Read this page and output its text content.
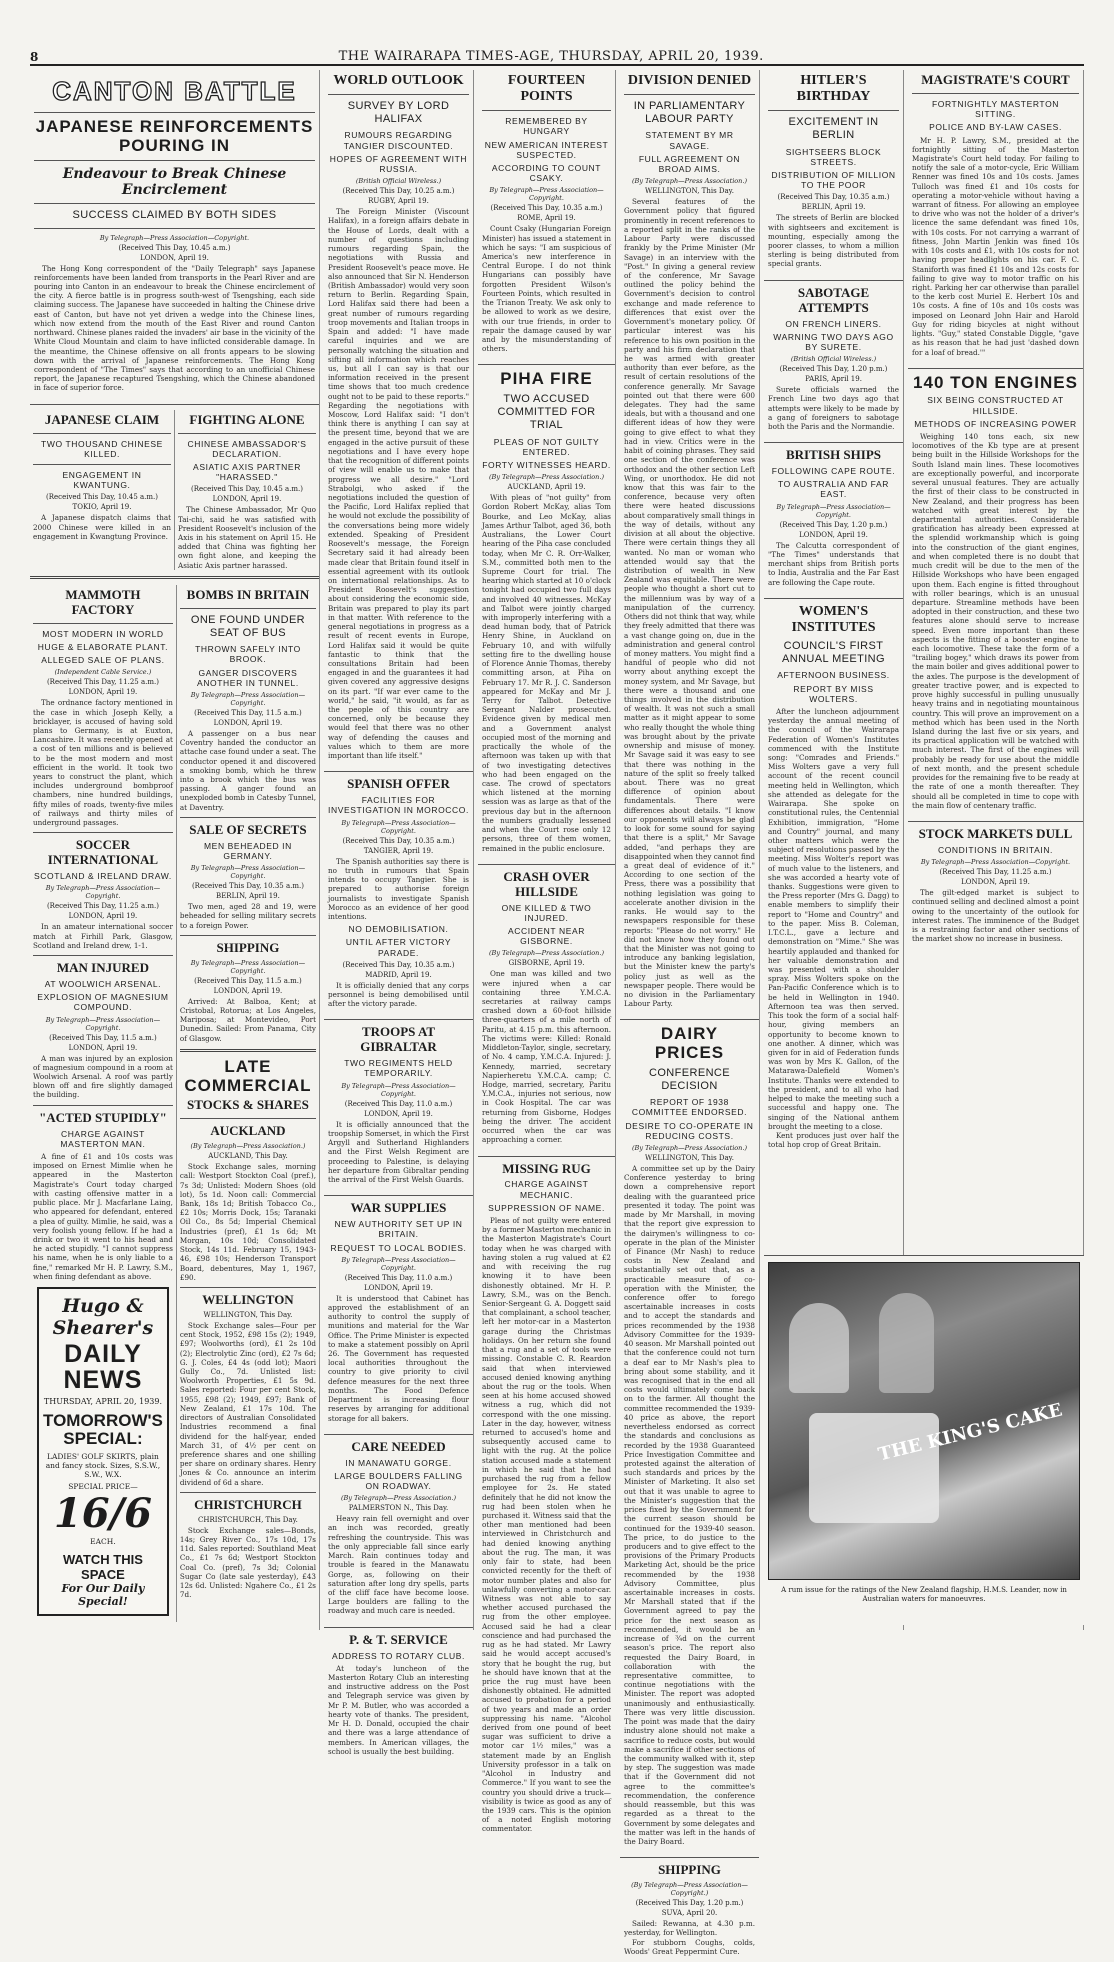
8	THE WAIRARAPA TIMES-AGE, THURSDAY, APRIL 20, 1939.
CANTON BATTLE
JAPANESE REINFORCEMENTS POURING IN
Endeavour to Break Chinese Encirclement
SUCCESS CLAIMED BY BOTH SIDES
By Telegraph—Press Association—Copyright.
(Received This Day, 10.45 a.m.)
LONDON, April 19.

The Hong Kong correspondent of the "Daily Telegraph" says Japanese reinforcements have been landed from transports in the Pearl River and are pouring into Canton in an endeavour to break the Chinese encirclement of the city. A fierce battle is in progress south-west of Tsengshing, each side claiming success. The Japanese have succeeded in halting the Chinese drive east of Canton, but have not yet driven a wedge into the Chinese lines, which now extend from the mouth of the East River and round Canton northward. Chinese planes raided the invaders' air base in the vicinity of the White Cloud Mountain and claim to have inflicted considerable damage. In the meantime, the Chinese offensive on all fronts appears to be slowing down with the arrival of Japanese reinforcements. The Hong Kong correspondent of "The Times" says that according to an unofficial Chinese report, the Japanese recaptured Tsengshing, which the Chinese abandoned in face of superior force.

JAPANESE CLAIM
TWO THOUSAND CHINESE KILLED.
ENGAGEMENT IN KWANTUNG.
(Received This Day, 10.45 a.m.)
TOKIO, April 19.

A Japanese dispatch claims that 2000 Chinese were killed in an engagement in Kwangtung Province.

FIGHTING ALONE
CHINESE AMBASSADOR'S DECLARATION.
ASIATIC AXIS PARTNER "HARASSED."
(Received This Day, 10.45 a.m.)
LONDON, April 19.

The Chinese Ambassador, Mr Quo Tai-chi, said he was satisfied with President Roosevelt's inclusion of the Axis in his statement on April 15. He added that China was fighting her own fight alone, and keeping the Asiatic Axis partner harassed.

MAMMOTH FACTORY
MOST MODERN IN WORLD
HUGE & ELABORATE PLANT.
ALLEGED SALE OF PLANS.
(Independent Cable Service.)
(Received This Day, 11.25 a.m.)
LONDON, April 19.

The ordnance factory mentioned in the case in which Joseph Kelly, a bricklayer, is accused of having sold plans to Germany, is at Euxton, Lancashire. It was recently opened at a cost of ten millions and is believed to be the most modern and most efficient in the world. It took two years to construct the plant, which includes underground bombproof chambers, nine hundred buildings, fifty miles of roads, twenty-five miles of railways and thirty miles of underground passages.

SOCCER INTERNATIONAL
SCOTLAND & IRELAND DRAW.
By Telegraph—Press Association—Copyright.
(Received This Day, 11.25 a.m.)
LONDON, April 19.

In an amateur international soccer match at Firhill Park, Glasgow, Scotland and Ireland drew, 1-1.

MAN INJURED
AT WOOLWICH ARSENAL.
EXPLOSION OF MAGNESIUM COMPOUND.
By Telegraph—Press Association—Copyright.
(Received This Day, 11.5 a.m.)
LONDON, April 19.

A man was injured by an explosion of magnesium compound in a room at Woolwich Arsenal. A roof was partly blown off and fire slightly damaged the building.

"ACTED STUPIDLY"
CHARGE AGAINST MASTERTON MAN.

A fine of £1 and 10s costs was imposed on Ernest Mimlie when he appeared in the Masterton Magistrate's Court today charged with casting offensive matter in a public place. Mr J. Macfarlane Laing, who appeared for defendant, entered a plea of guilty. Mimlie, he said, was a very foolish young fellow. If he had a drink or two it went to his head and he acted stupidly. "I cannot suppress his name, when he is only liable to a fine," remarked Mr H. P. Lawry, S.M., when fining defendant as above.

Hugo & Shearer's
DAILY NEWS
THURSDAY, APRIL 20, 1939.
TOMORROW'S SPECIAL:
LADIES' GOLF SKIRTS, plain and fancy stock. Sizes, S.S.W., S.W., W.X.
SPECIAL PRICE—
16/6
EACH.
WATCH THIS SPACE
For Our Daily Special!
BOMBS IN BRITAIN
ONE FOUND UNDER SEAT OF BUS
THROWN SAFELY INTO BROOK.
GANGER DISCOVERS ANOTHER IN TUNNEL.
By Telegraph—Press Association—Copyright.
(Received This Day, 11.5 a.m.)
LONDON, April 19.

A passenger on a bus near Coventry handed the conductor an attache case found under a seat. The conductor opened it and discovered a smoking bomb, which he threw into a brook which the bus was passing. A ganger found an unexploded bomb in Catesby Tunnel, at Daventry.

SALE OF SECRETS
MEN BEHEADED IN GERMANY.
By Telegraph—Press Association—Copyright.
(Received This Day, 10.35 a.m.)
BERLIN, April 19.

Two men, aged 28 and 19, were beheaded for selling military secrets to a foreign Power.

SHIPPING
By Telegraph—Press Association—Copyright.
(Received This Day, 11.5 a.m.)
LONDON, April 19.

Arrived: At Balboa, Kent; at Cristobal, Rotorua; at Los Angeles, Mariposa; at Montevideo, Port Dunedin. Sailed: From Panama, City of Glasgow.

LATE COMMERCIAL
STOCKS & SHARES
AUCKLAND
(By Telegraph—Press Association.)
AUCKLAND, This Day.

Stock Exchange sales, morning call: Westport Stockton Coal (pref.), 7s 3d; Unlisted: Modern Shoes (old lot), 5s 1d. Noon call: Commercial Bank, 18s 1d; British Tobacco Co., £2 10s; Morris Dock, 15s; Taranaki Oil Co., 8s 5d; Imperial Chemical Industries (pref), £1 1s 6d; Mt Morgan, 10s 10d; Consolidated Stock, 14s 11d. February 15, 1943-46, £98 10s; Henderson Transport Board, debentures, May 1, 1967, £90.

WELLINGTON
WELLINGTON, This Day.

Stock Exchange sales—Four per cent Stock, 1952, £98 15s (2); 1949, £97; Woolworths (ord), £1 2s 10d (2); Electrolytic Zinc (ord), £2 7s 6d; G. J. Coles, £4 4s (odd lot); Maori Gully Co., 7d. Unlisted list: Woolworth Properties, £1 5s 9d. Sales reported: Four per cent Stock, 1955, £98 (2); 1949, £97; Bank of New Zealand, £1 17s 10d. The directors of Australian Consolidated Industries recommend a final dividend for the half-year, ended March 31, of 4½ per cent on preference shares and one shilling per share on ordinary shares. Henry Jones & Co. announce an interim dividend of 6d a share.

CHRISTCHURCH
CHRISTCHURCH, This Day.

Stock Exchange sales—Bonds, 14s; Grey River Co., 17s 10d, 17s 11d. Sales reported: Southland Meat Co., £1 7s 6d; Westport Stockton Coal Co. (pref), 7s 3d; Colonial Sugar Co (late sale yesterday), £43 12s 6d. Unlisted: Ngahere Co., £1 2s 7d.

WORLD OUTLOOK
SURVEY BY LORD HALIFAX
RUMOURS REGARDING TANGIER DISCOUNTED.
HOPES OF AGREEMENT WITH RUSSIA.
(British Official Wireless.)
(Received This Day, 10.25 a.m.)
RUGBY, April 19.

The Foreign Minister (Viscount Halifax), in a foreign affairs debate in the House of Lords, dealt with a number of questions including rumours regarding Spain, the negotiations with Russia and President Roosevelt's peace move. He also announced that Sir N. Henderson (British Ambassador) would very soon return to Berlin. Regarding Spain, Lord Halifax said there had been a great number of rumours regarding troop movements and Italian troops in Spain and added: "I have made careful inquiries and we are personally watching the situation and sifting all information which reaches us, but all I can say is that our information received in the present time shows that too much credence ought not to be paid to these reports." Regarding the negotiations with Moscow, Lord Halifax said: "I don't think there is anything I can say at the present time, beyond that we are engaged in the active pursuit of these negotiations and I have every hope that the recognition of different points of view will enable us to make that progress we all desire." "Lord Strabolgi, who asked if the negotiations included the question of the Pacific, Lord Halifax replied that he would not exclude the possibility of the conversations being more widely extended. Speaking of President Roosevelt's message, the Foreign Secretary said it had already been made clear that Britain found itself in essential agreement with its outlook on international relationships. As to President Roosevelt's suggestion about considering the economic side, Britain was prepared to play its part in that matter. With reference to the general negotiations in progress as a result of recent events in Europe, Lord Halifax said it would be quite fantastic to think that the consultations Britain had been engaged in and the guarantees it had given covered any aggressive designs on its part. "If war ever came to the world," he said, "it would, as far as the people of this country are concerned, only be because they would feel that there was no other way of defending the causes and values which to them are more important than life itself."

SPANISH OFFER
FACILITIES FOR INVESTIGATION IN MOROCCO.
By Telegraph—Press Association—Copyright.
(Received This Day, 10.35 a.m.)
TANGIER, April 19.

The Spanish authorities say there is no truth in rumours that Spain intends to occupy Tangier. She is prepared to authorise foreign journalists to investigate Spanish Morocco as an evidence of her good intentions.

NO DEMOBILISATION.
UNTIL AFTER VICTORY PARADE.
(Received This Day, 10.35 a.m.)
MADRID, April 19.

It is officially denied that any corps personnel is being demobilised until after the victory parade.

TROOPS AT GIBRALTAR
TWO REGIMENTS HELD TEMPORARILY.
By Telegraph—Press Association—Copyright.
(Received This Day, 11.0 a.m.)
LONDON, April 19.

It is officially announced that the troopship Somerset, in which the First Argyll and Sutherland Highlanders and the First Welsh Regiment are proceeding to Palestine, is delaying her departure from Gibraltar pending the arrival of the First Welsh Guards.

WAR SUPPLIES
NEW AUTHORITY SET UP IN BRITAIN.
REQUEST TO LOCAL BODIES.
By Telegraph—Press Association—Copyright.
(Received This Day, 11.0 a.m.)
LONDON, April 19.

It is understood that Cabinet has approved the establishment of an authority to control the supply of munitions and material for the War Office. The Prime Minister is expected to make a statement possibly on April 26. The Government has requested local authorities throughout the country to give priority to civil defence measures for the next three months. The Food Defence Department is increasing flour reserves by arranging for additional storage for all bakers.

CARE NEEDED
IN MANAWATU GORGE.
LARGE BOULDERS FALLING ON ROADWAY.
(By Telegraph—Press Association.)
PALMERSTON N., This Day.

Heavy rain fell overnight and over an inch was recorded, greatly refreshing the countryside. This was the only appreciable fall since early March. Rain continues today and trouble is feared in the Manawatu Gorge, as, following on their saturation after long dry spells, parts of the cliff face have become loose. Large boulders are falling to the roadway and much care is needed.

P. & T. SERVICE
ADDRESS TO ROTARY CLUB.

At today's luncheon of the Masterton Rotary Club an interesting and instructive address on the Post and Telegraph service was given by Mr P. M. Butler, who was accorded a hearty vote of thanks. The president, Mr H. D. Donald, occupied the chair and there was a large attendance of members. In American villages, the school is usually the best building.

FOURTEEN POINTS
REMEMBERED BY HUNGARY
NEW AMERICAN INTEREST SUSPECTED.
ACCORDING TO COUNT CSAKY.
By Telegraph—Press Association—Copyright.
(Received This Day, 10.35 a.m.)
ROME, April 19.

Count Csaky (Hungarian Foreign Minister) has issued a statement in which he says: "I am suspicious of America's new interference in Central Europe. I do not think Hungarians can possibly have forgotten President Wilson's Fourteen Points, which resulted in the Trianon Treaty. We ask only to be allowed to work as we desire, with our true friends, in order to repair the damage caused by war and by the misunderstanding of others.

PIHA FIRE
TWO ACCUSED COMMITTED FOR TRIAL
PLEAS OF NOT GUILTY ENTERED.
FORTY WITNESSES HEARD.
(By Telegraph—Press Association.)
AUCKLAND, April 19.

With pleas of "not guilty" from Gordon Robert McKay, alias Tom Bourke, and Leo McKay, alias James Arthur Talbot, aged 36, both Australians, the Lower Court hearing of the Piha case concluded today, when Mr C. R. Orr-Walker, S.M., committed both men to the Supreme Court for trial. The hearing which started at 10 o'clock tonight had occupied two full days and involved 40 witnesses. McKay and Talbot were jointly charged with improperly interfering with a dead human body, that of Patrick Henry Shine, in Auckland on February 10, and with wilfully setting fire to the dwelling house of Florence Annie Thomas, thereby committing arson, at Piha on February 17. Mr R. J. C. Sanderson appeared for McKay and Mr J. Terry for Talbot. Detective Sergeant Nalder prosecuted. Evidence given by medical men and a Government analyst occupied most of the morning and practically the whole of the afternoon was taken up with that of two investigating detectives who had been engaged on the case. The crowd of spectators which listened at the morning session was as large as that of the previous day but in the afternoon the numbers gradually lessened and when the Court rose only 12 persons, three of them women, remained in the public enclosure.

CRASH OVER HILLSIDE
ONE KILLED & TWO INJURED.
ACCIDENT NEAR GISBORNE.
(By Telegraph—Press Association.)
GISBORNE, April 19.

One man was killed and two were injured when a car containing three Y.M.C.A. secretaries at railway camps crashed down a 60-foot hillside three-quarters of a mile north of Paritu, at 4.15 p.m. this afternoon. The victims were: Killed: Ronald Middleton-Taylor, single, secretary, of No. 4 camp, Y.M.C.A. Injured: J. Kennedy, married, secretary Napierheretu Y.M.C.A. camp; C. Hodge, married, secretary, Paritu Y.M.C.A., injuries not serious, now in Cook Hospital. The car was returning from Gisborne, Hodges being the driver. The accident occurred when the car was approaching a corner.

MISSING RUG
CHARGE AGAINST MECHANIC.
SUPPRESSION OF NAME.

Pleas of not guilty were entered by a former Masterton mechanic in the Masterton Magistrate's Court today when he was charged with having stolen a rug valued at £2 and with receiving the rug knowing it to have been dishonestly obtained. Mr H. P. Lawry, S.M., was on the Bench. Senior-Sergeant G. A. Doggett said that complainant, a school teacher, left her motor-car in a Masterton garage during the Christmas holidays. On her return she found that a rug and a set of tools were missing. Constable C. R. Reardon said that when interviewed accused denied knowing anything about the rug or the tools. When seen at his home accused showed witness a rug, which did not correspond with the one missing. Later in the day, however, witness returned to accused's home and subsequently accused came to light with the rug. At the police station accused made a statement in which he said that he had purchased the rug from a fellow employee for 2s. He stated definitely that he did not know the rug had been stolen when he purchased it. Witness said that the other man mentioned had been interviewed in Christchurch and had denied knowing anything about the rug. The man, it was only fair to state, had been convicted recently for the theft of motor number plates and also for unlawfully converting a motor-car. Witness was not able to say whether accused purchased the rug from the other employee. Accused said he had a clear conscience and had purchased the rug as he had stated. Mr Lawry said he would accept accused's story that he bought the rug, but he should have known that at the price the rug must have been dishonestly obtained. He admitted accused to probation for a period of two years and made an order suppressing his name. "Alcohol derived from one pound of beet sugar was sufficient to drive a motor car 1½ miles," was a statement made by an English University professor in a talk on "Alcohol in Industry and Commerce." If you want to see the country you should drive a truck—visibility is twice as good as any of the 1939 cars. This is the opinion of a noted English motoring commentator.

DIVISION DENIED
IN PARLIAMENTARY LABOUR PARTY
STATEMENT BY MR SAVAGE.
FULL AGREEMENT ON BROAD AIMS.
(By Telegraph—Press Association.)
WELLINGTON, This Day.

Several features of the Government policy that figured prominently in recent references to a reported split in the ranks of the Labour Party were discussed frankly by the Prime Minister (Mr Savage) in an interview with the "Post." In giving a general review of the conference, Mr Savage outlined the policy behind the Government's decision to control exchange and made reference to differences that exist over the Government's monetary policy. Of particular interest was his reference to his own position in the party and his firm declaration that he was armed with greater authority than ever before, as the result of certain resolutions of the conference generally. Mr Savage pointed out that there were 600 delegates. They had the same ideals, but with a thousand and one different ideas of how they were going to give effect to what they had in view. Critics were in the habit of coining phrases. They said one section of the conference was orthodox and the other section Left Wing, or unorthodox. He did not know that this was fair to the conference, because very often there were heated discussions about comparatively small things in the way of details, without any division at all about the objective. There were certain things they all wanted. No man or woman who attended would say that the distribution of wealth in New Zealand was equitable. There were people who thought a short cut to the millennium was by way of a manipulation of the currency. Others did not think that way, while they freely admitted that there was a vast change going on, due in the administration and general control of money matters. You might find a handful of people who did not worry about anything except the money system, and Mr Savage, but there were a thousand and one things involved in the distribution of wealth. It was not such a small matter as it might appear to some who really thought the whole thing was brought about by the private ownership and misuse of money. Mr Savage said it was easy to see that there was nothing in the nature of the split so freely talked about. There was no great difference of opinion about fundamentals. There were differences about details. "I know our opponents will always be glad to look for some sound for saying that there is a split," Mr Savage added, "and perhaps they are disappointed when they cannot find a great deal of evidence of it." According to one section of the Press, there was a possibility that nothing legislation was going to accelerate another division in the ranks. He would say to the newspapers responsible for these reports: "Please do not worry." He did not know how they found out that the Minister was not going to introduce any banking legislation, but the Minister knew the party's policy just as well as the newspaper people. There would be no division in the Parliamentary Labour Party.

DAIRY PRICES
CONFERENCE DECISION
REPORT OF 1938 COMMITTEE ENDORSED.
DESIRE TO CO-OPERATE IN REDUCING COSTS.
(By Telegraph—Press Association.)
WELLINGTON, This Day.

A committee set up by the Dairy Conference yesterday to bring down a comprehensive report dealing with the guaranteed price presented it today. The point was made by Mr Marshall, in moving that the report give expression to the dairymen's willingness to co-operate in the plan of the Minister of Finance (Mr Nash) to reduce costs in New Zealand and substantially set out that, as a practicable measure of co-operation with the Minister, the conference offer to forego ascertainable increases in costs and to accept the standards and prices recommended by the 1938 Advisory Committee for the 1939-40 season. Mr Marshall pointed out that the conference could not turn a deaf ear to Mr Nash's plea to bring about some stability, and it was recognised that in the end all costs would ultimately come back on to the farmer. All thought the committee recommended the 1939-40 price as above, the report nevertheless endorsed as correct the standards and conclusions as recorded by the 1938 Guaranteed Price Investigation Committee and protested against the alteration of such standards and prices by the Minister of Marketing. It also set out that it was unable to agree to the Minister's suggestion that the prices fixed by the Government for the current season should be continued for the 1939-40 season. The price, to do justice to the producers and to give effect to the provisions of the Primary Products Marketing Act, should be the price recommended by the 1938 Advisory Committee, plus ascertainable increases in costs. Mr Marshall stated that if the Government agreed to pay the price for the next season as recommended, it would be an increase of ¾d on the current season's price. The report also requested the Dairy Board, in collaboration with the representative committee, to continue negotiations with the Minister. The report was adopted unanimously and enthusiastically. There was very little discussion. The point was made that the dairy industry alone should not make a sacrifice to reduce costs, but would make a sacrifice if other sections of the community walked with it, step by step. The suggestion was made that if the Government did not agree to the committee's recommendation, the conference should reassemble, but this was regarded as a threat to the Government by some delegates and the matter was left in the hands of the Dairy Board.

SHIPPING
(By Telegraph—Press Association—Copyright.)
(Received This Day, 1.20 p.m.)
SUVA, April 20.

Sailed: Rewanna, at 4.30 p.m. yesterday, for Wellington.

For stubborn Coughs, colds, Woods' Great Peppermint Cure.

HITLER'S BIRTHDAY
EXCITEMENT IN BERLIN
SIGHTSEERS BLOCK STREETS.
DISTRIBUTION OF MILLION TO THE POOR
(Received This Day, 10.35 a.m.)
BERLIN, April 19.

The streets of Berlin are blocked with sightseers and excitement is mounting, especially among the poorer classes, to whom a million sterling is being distributed from special grants.

SABOTAGE ATTEMPTS
ON FRENCH LINERS.
WARNING TWO DAYS AGO BY SURETE.
(British Official Wireless.)
(Received This Day, 1.20 p.m.)
PARIS, April 19.

Surete officials warned the French Line two days ago that attempts were likely to be made by a gang of foreigners to sabotage both the Paris and the Normandie.

BRITISH SHIPS
FOLLOWING CAPE ROUTE.
TO AUSTRALIA AND FAR EAST.
By Telegraph—Press Association—Copyright.
(Received This Day, 1.20 p.m.)
LONDON, April 19.

The Calcutta correspondent of "The Times" understands that merchant ships from British ports to India, Australia and the Far East are following the Cape route.

WOMEN'S INSTITUTES
COUNCIL'S FIRST ANNUAL MEETING
AFTERNOON BUSINESS.
REPORT BY MISS WOLTERS.

After the luncheon adjournment yesterday the annual meeting of the council of the Wairarapa Federation of Women's Institutes commenced with the Institute song: "Comrades and Friends." Miss Wolters gave a very full account of the recent council meeting held in Wellington, which she attended as delegate for the Wairarapa. She spoke on constitutional rules, the Centennial Exhibition, immigration, "Home and Country" journal, and many other matters which were the subject of resolutions passed by the meeting. Miss Wolter's report was of much value to the listeners, and she was accorded a hearty vote of thanks. Suggestions were given to the Press reporter (Mrs G. Dagg) to enable members to simplify their report to "Home and Country" and to the paper. Miss B. Coleman, I.T.C.L., gave a lecture and demonstration on "Mime." She was heartily applauded and thanked for her valuable demonstration and was presented with a shoulder spray. Miss Wolters spoke on the Pan-Pacific Conference which is to be held in Wellington in 1940. Afternoon tea was then served. This took the form of a social half-hour, giving members an opportunity to become known to one another. A dinner, which was given for in aid of Federation funds was won by Mrs K. Gallon, of the Matarawa-Dalefield Women's Institute. Thanks were extended to the president, and to all who had helped to make the meeting such a successful and happy one. The singing of the National anthem brought the meeting to a close.

Kent produces just over half the total hop crop of Great Britain.

MAGISTRATE'S COURT
FORTNIGHTLY MASTERTON SITTING.
POLICE AND BY-LAW CASES.

Mr H. P. Lawry, S.M., presided at the fortnightly sitting of the Masterton Magistrate's Court held today. For failing to notify the sale of a motor-cycle, Eric William Renner was fined 10s and 10s costs. James Tulloch was fined £1 and 10s costs for operating a motor-vehicle without having a warrant of fitness. For allowing an employee to drive who was not the holder of a driver's licence the same defendant was fined 10s, with 10s costs. For not carrying a warrant of fitness, John Martin Jenkin was fined 10s with 10s costs and £1, with 10s costs for not having proper headlights on his car. F. C. Staniforth was fined £1 10s and 12s costs for failing to give way to motor traffic on his right. Parking her car otherwise than parallel to the kerb cost Muriel E. Herbert 10s and 10s costs. A fine of 10s and 10s costs was imposed on Leonard John Hair and Harold Guy for riding bicycles at night without lights. "Guy," stated Constable Diggle, "gave as his reason that he had just 'dashed down for a loaf of bread.'"

140 TON ENGINES
SIX BEING CONSTRUCTED AT HILLSIDE.
METHODS OF INCREASING POWER

Weighing 140 tons each, six new locomotives of the Kb type are at present being built in the Hillside Workshops for the South Island main lines. These locomotives are exceptionally powerful, and incorporate several unusual features. They are actually the first of their class to be constructed in New Zealand, and their progress has been watched with great interest by the departmental authorities. Considerable gratification has already been expressed at the splendid workmanship which is going into the construction of the giant engines, and when completed there is no doubt that much credit will be due to the men of the Hillside Workshops who have been engaged upon them. Each engine is fitted throughout with roller bearings, which is an unusual departure. Streamline methods have been adopted in their construction, and these two features alone should serve to increase speed. Even more important than these aspects is the fitting of a booster engine to each locomotive. These take the form of a "trailing bogey," which draws its power from the main boiler and gives additional power to the axles. The purpose is the development of greater tractive power, and is expected to prove highly successful in pulling unusually heavy trains and in negotiating mountainous country. This will prove an improvement on a method which has been used in the North Island during the last five or six years, and its practical application will be watched with much interest. The first of the engines will probably be ready for use about the middle of next month, and the present schedule provides for the remaining five to be ready at the rate of one a month thereafter. They should all be completed in time to cope with the main flow of centenary traffic.

STOCK MARKETS DULL
CONDITIONS IN BRITAIN.
By Telegraph—Press Association—Copyright.
(Received This Day, 11.25 a.m.)
LONDON, April 19.

The gilt-edged market is subject to continued selling and declined almost a point owing to the uncertainty of the outlook for interest rates. The imminence of the Budget is a restraining factor and other sections of the market show no increase in business.

THE KING'S CAKE
A rum issue for the ratings of the New Zealand flagship, H.M.S. Leander, now in Australian waters for manoeuvres.
